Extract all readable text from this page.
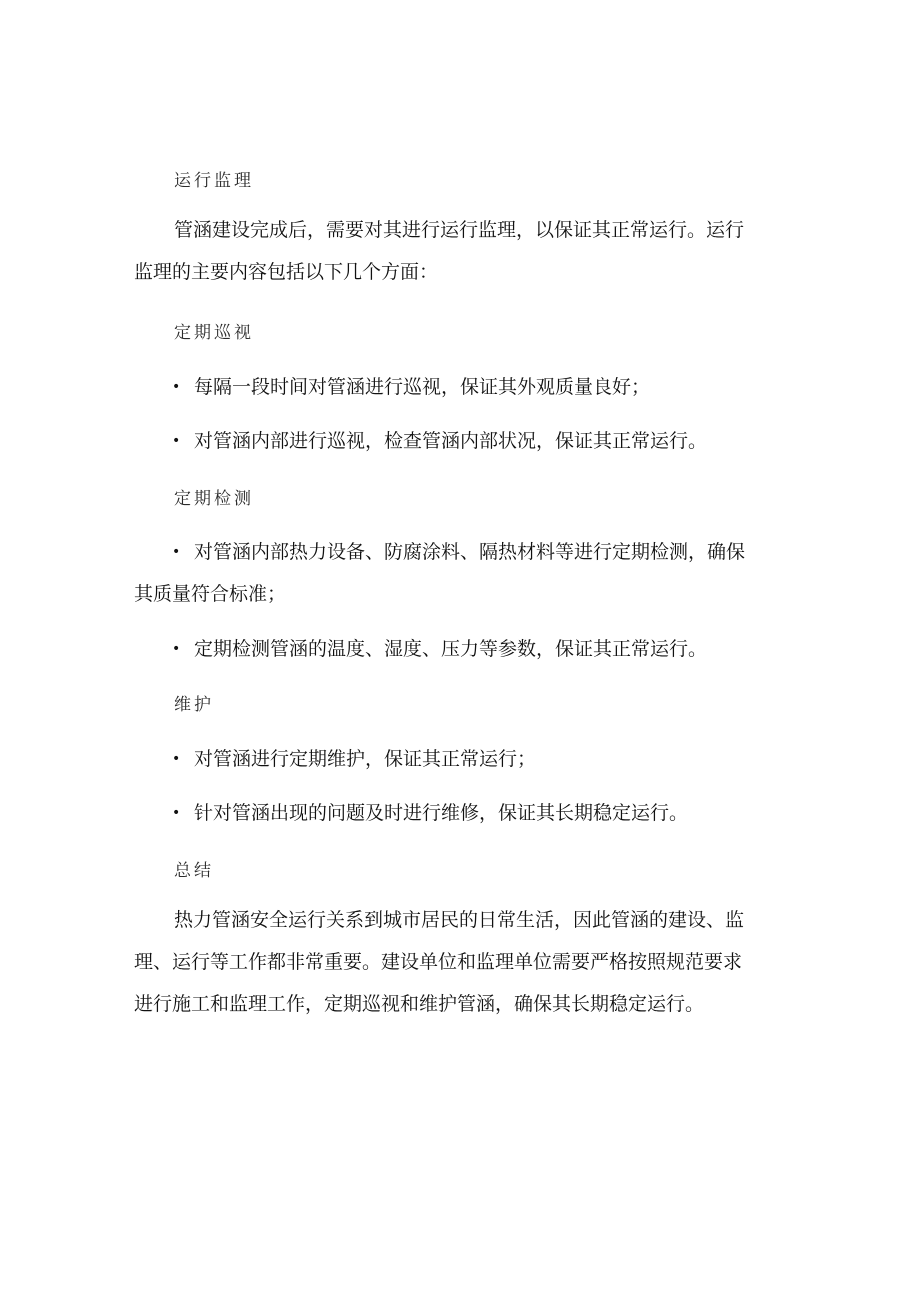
运行监理
管涵建设完成后，需要对其进行运行监理，以保证其正常运行。运行
监理的主要内容包括以下几个方面：
定期巡视
• 每隔一段时间对管涵进行巡视，保证其外观质量良好；
• 对管涵内部进行巡视，检查管涵内部状况，保证其正常运行。
定期检测
• 对管涵内部热力设备、防腐涂料、隔热材料等进行定期检测，确保
其质量符合标准；
• 定期检测管涵的温度、湿度、压力等参数，保证其正常运行。
维护
• 对管涵进行定期维护，保证其正常运行；
• 针对管涵出现的问题及时进行维修，保证其长期稳定运行。
总结
热力管涵安全运行关系到城市居民的日常生活，因此管涵的建设、监
理、运行等工作都非常重要。建设单位和监理单位需要严格按照规范要求
进行施工和监理工作，定期巡视和维护管涵，确保其长期稳定运行。
